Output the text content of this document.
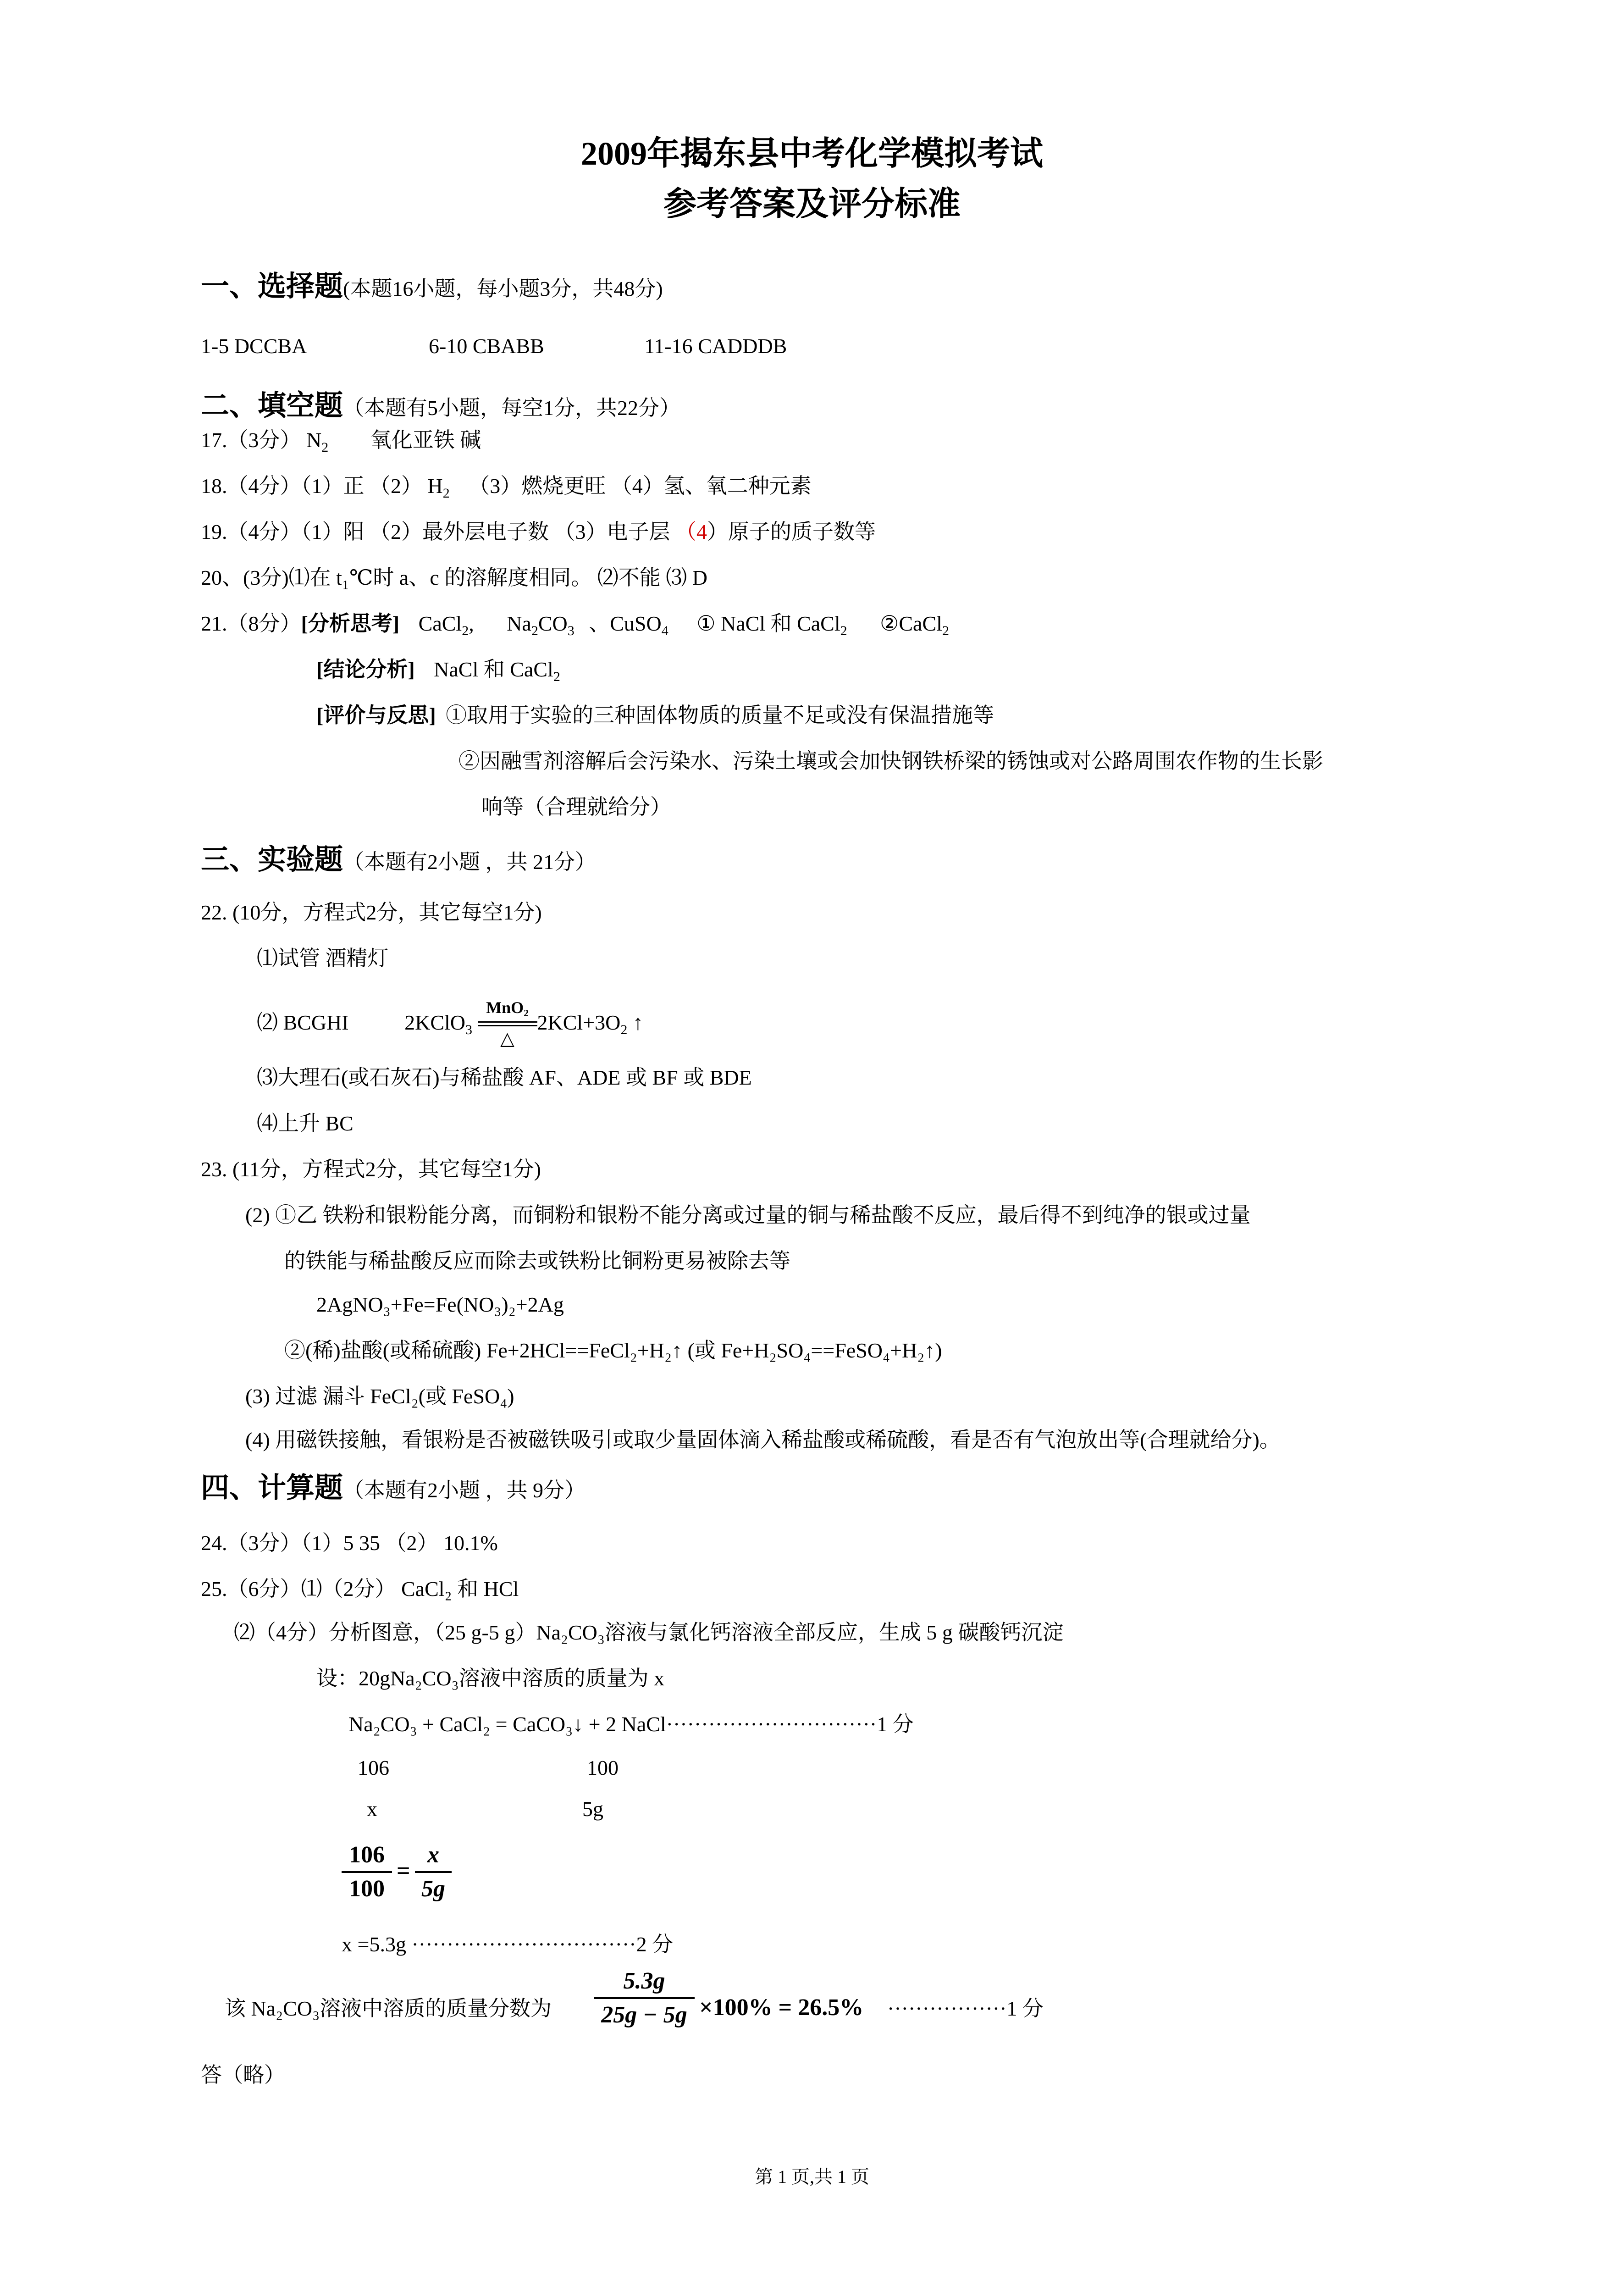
2009年揭东县中考化学模拟考试
参考答案及评分标准
一、选择题(本题16小题，每小题3分，共48分)
1-5 DCCBA	6-10 CBABB	11-16 CADDDB
二、填空题（本题有5小题，每空1分，共22分）
17.（3分） $N_2$ 氧化亚铁 碱
18.（4分）（1）正 （2） $H_2$ （3）燃烧更旺 （4）氢、氧二种元素
19.（4分）（1）阳 （2）最外层电子数 （3）电子层 （4）原子的质子数等
20、(3分)⑴在 t₁℃时 a、c 的溶解度相同。 ⑵不能 ⑶ D
21.（8分）[分析思考] CaCl$_2$, $Na_2CO_3$ 、CuSO$_4$ ① NaCl 和 CaCl$_2$ ②CaCl$_2$
[结论分析] NaCl 和 CaCl$_2$
[评价与反思] ①取用于实验的三种固体物质的质量不足或没有保温措施等
②因融雪剂溶解后会污染水、污染土壤或会加快钢铁桥梁的锈蚀或对公路周围农作物的生长影
响等（合理就给分）
三、实验题（本题有2小题 ，共 21分）
22. (10分，方程式2分，其它每空1分)
⑴试管 酒精灯
⑵ BCGHI	2KClO$_3$
MnO₂
△
$2KCl+3O_2$ ↑
⑶大理石(或石灰石)与稀盐酸 AF、ADE 或 BF 或 BDE
⑷上升 BC
23. (11分，方程式2分，其它每空1分)
(2) ①乙 铁粉和银粉能分离，而铜粉和银粉不能分离或过量的铜与稀盐酸不反应，最后得不到纯净的银或过量
的铁能与稀盐酸反应而除去或铁粉比铜粉更易被除去等
2AgNO₃+Fe=Fe(NO₃)₂+2Ag
②(稀)盐酸(或稀硫酸) Fe+2HCl==FeCl₂+H₂↑ (或 Fe+H₂SO₄==FeSO₄+H₂↑)
(3) 过滤 漏斗 FeCl₂(或 FeSO₄)
(4) 用磁铁接触，看银粉是否被磁铁吸引或取少量固体滴入稀盐酸或稀硫酸，看是否有气泡放出等(合理就给分)。
四、计算题（本题有2小题 ，共 9分）
24.（3分）（1）5 35 （2） 10.1%
25.（6分）⑴（2分） CaCl₂ 和 HCl
⑵（4分）分析图意，（25 g-5 g）Na₂CO₃溶液与氯化钙溶液全部反应，生成 5 g 碳酸钙沉淀
设：20gNa₂CO₃溶液中溶质的质量为 x
Na₂CO₃ + CaCl₂ = CaCO₃↓ + 2 NaCl······························1 分
106	100
x	5g
106
100
=
x
5g
x =5.3g ································2 分
该 Na₂CO₃溶液中溶质的质量分数为
5.3g
25g − 5g ×100% = 26.5% ·················1 分
答（略）
第 1 页,共 1 页
